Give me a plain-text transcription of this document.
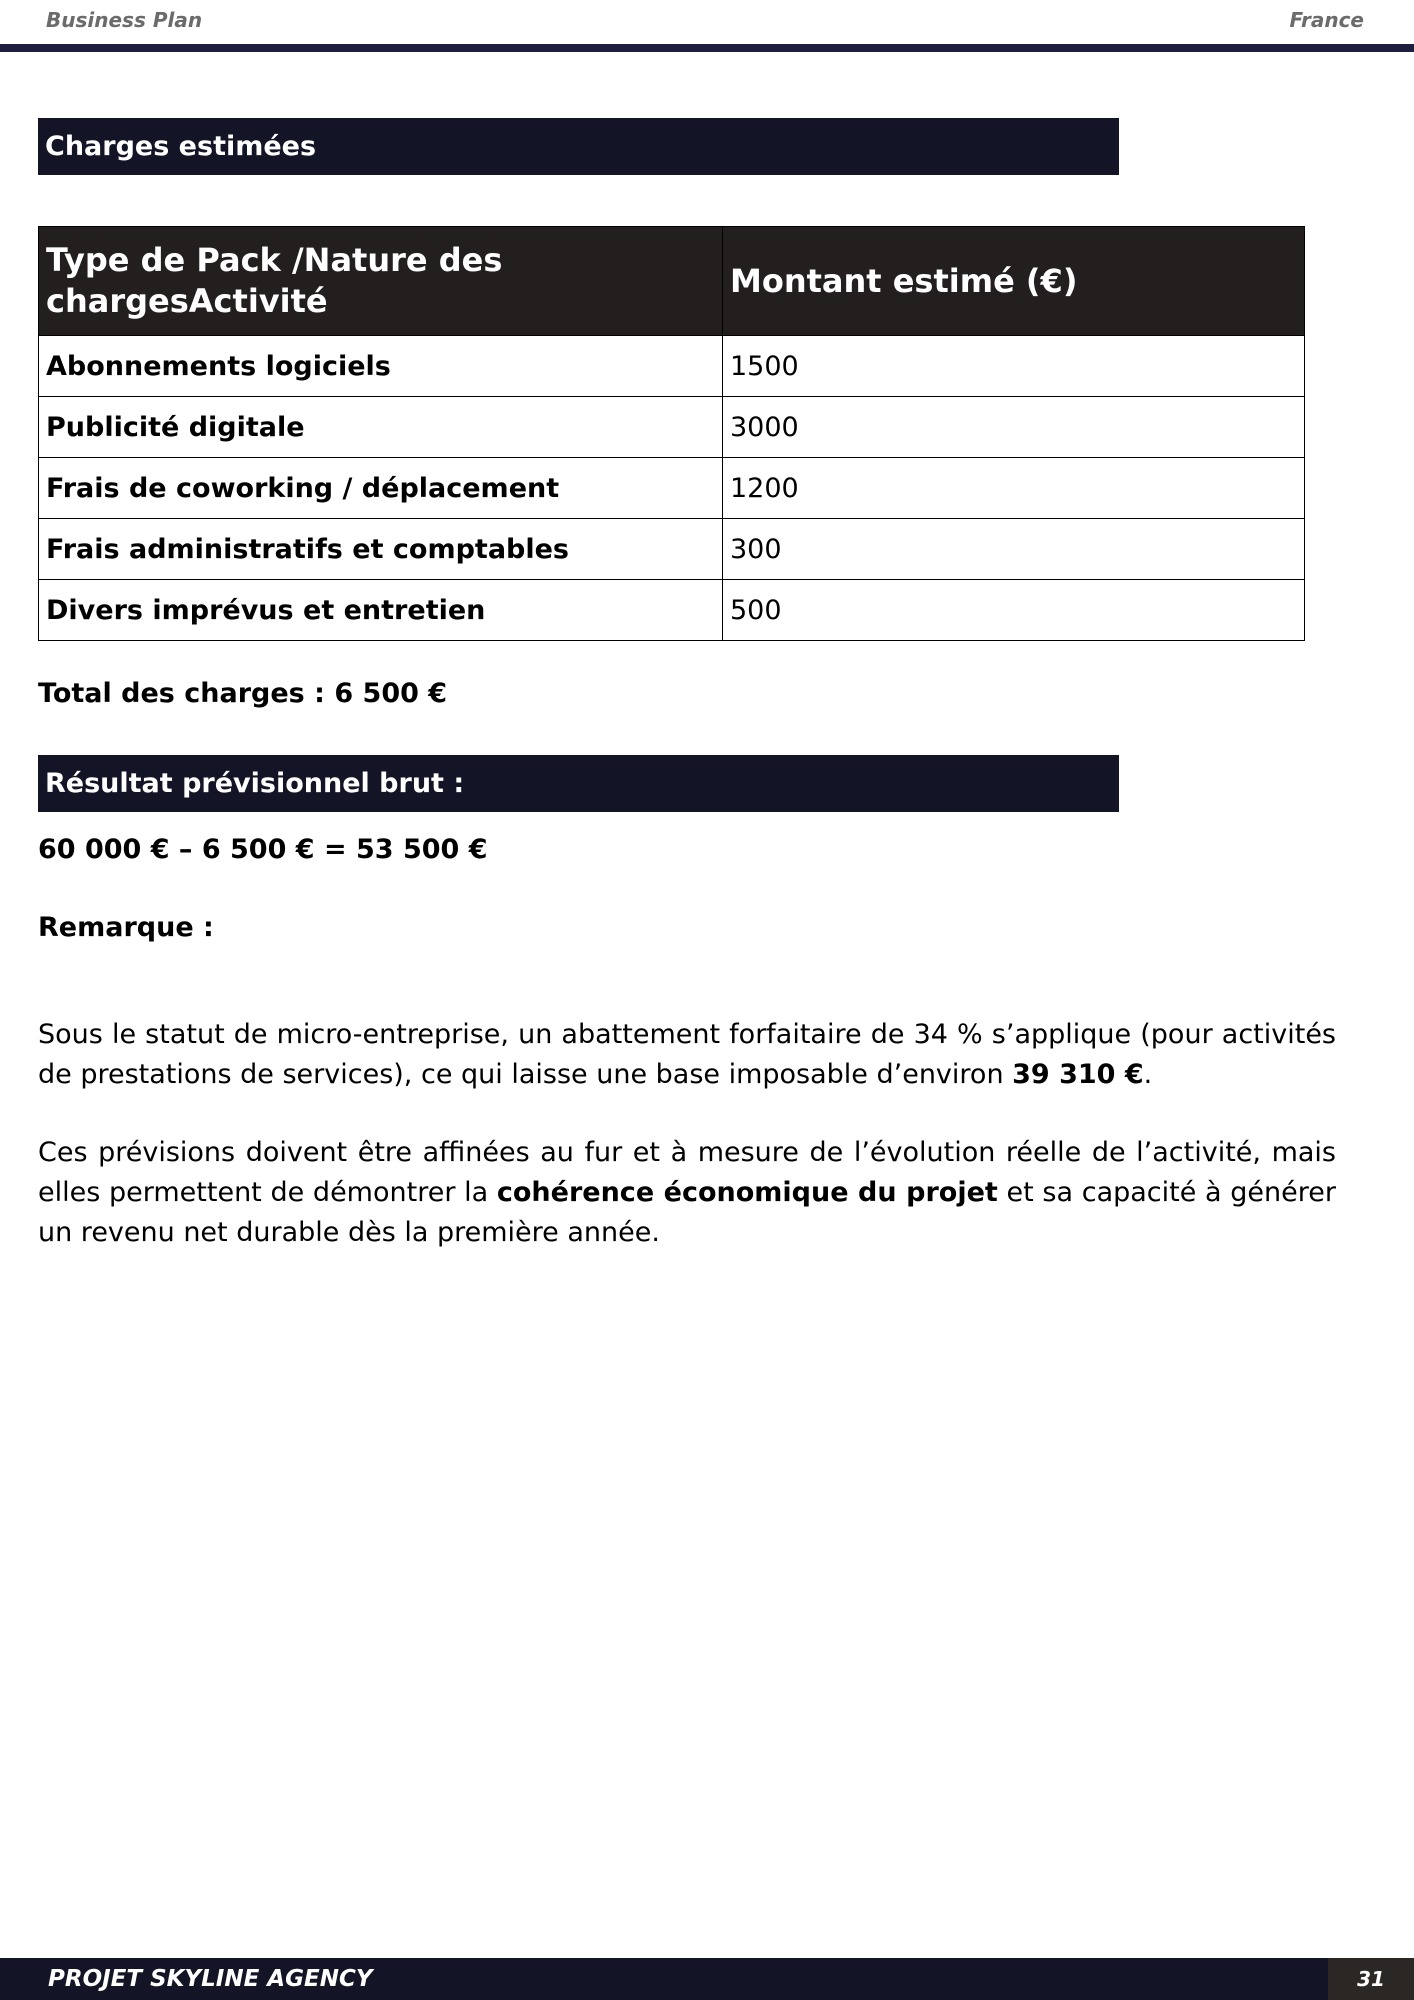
Business Plan	France
Charges estimées
Type de Pack /Nature des chargesActivité	Montant estimé (€)
Abonnements logiciels	1500
Publicité digitale	3000
Frais de coworking / déplacement	1200
Frais administratifs et comptables	300
Divers imprévus et entretien	500
Total des charges : 6 500 €
Résultat prévisionnel brut :
60 000 € – 6 500 € = 53 500 €
Remarque :

Sous le statut de micro-entreprise, un abattement forfaitaire de 34 % s’applique (pour activités de prestations de services), ce qui laisse une base imposable d’environ 39 310 €.

Ces prévisions doivent être affinées au fur et à mesure de l’évolution réelle de l’activité, mais elles permettent de démontrer la cohérence économique du projet et sa capacité à générer un revenu net durable dès la première année.

PROJET SKYLINE AGENCY	31
